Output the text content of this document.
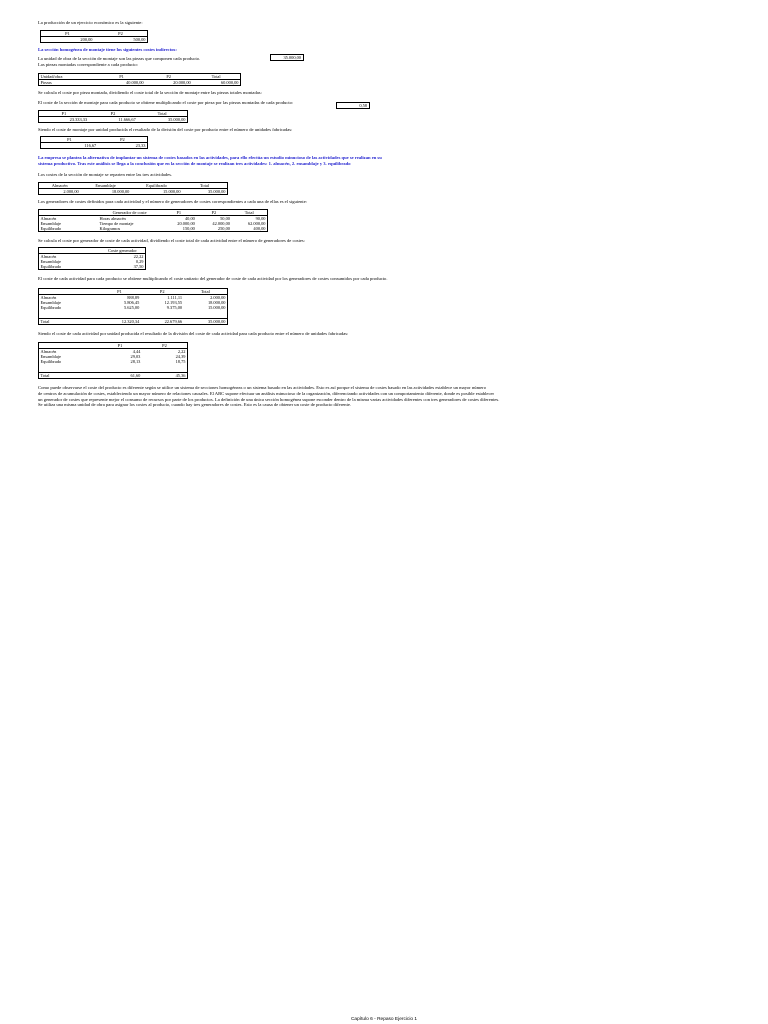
La producción de un ejercicio económico es la siguiente:
P1	P2
200,00	500,00
La sección homogénea de montaje tiene los siguientes costes indirectos:
35.000,00
La unidad de obra de la sección de montaje son las piezas que componen cada producto.
Las piezas montadas correspondiente a cada producto:
Unidad/obra	P1	P2	Total
Piezas	40.000,00	20.000,00	60.000,00
Se calcula el coste por pieza montada, dividiendo el coste total de la sección de montaje entre las piezas totales montadas:
0,58
El coste de la sección de montaje para cada producto se obtiene multiplicando el coste por pieza por las piezas montadas de cada producto:
P1	P2	Total
23.333,33	11.666,67	35.000,00
Siendo el coste de montaje por unidad producida el resultado de la división del coste por producto entre el número de unidades fabricadas:
P1	P2
116,67	23,33
La empresa se plantea la alternativa de implantar un sistema de costes basados en las actividades, para ello efectúa un estudio minucioso de las actividades que se realizan en su
sistema productivo. Tras este análisis se llega a la conclusión que en la sección de montaje se realizan tres actividades: 1. almacén, 2. ensamblaje y 3. equilibrado
Los costes de la sección de montaje se reparten entre las tres actividades.
Almacén	Ensamblaje	Equilibrado	Total
2.000,00	18.000,00	15.000,00	35.000,00
Los generadores de costes definidos para cada actividad y el número de generadores de costes correspondientes a cada una de ellas es el siguiente:
	Generador de coste	P1	P2	Total
Almacén	Horas almacén	40,00	50,00	90,00
Ensamblaje	Tiempo de montaje	20.000,00	42.000,00	62.000,00
Equilibrado	Kilogramos	150,00	250,00	400,00
Se calcula el coste por generador de coste de cada actividad, dividiendo el coste total de cada actividad entre el número de generadores de costes:
	Coste generador
Almacén	22,22
Ensamblaje	0,29
Equilibrado	37,50
El coste de cada actividad para cada producto se obtiene multiplicando el coste unitario del generador de coste de cada actividad por los generadores de costes consumidos por cada producto.
	P1	P2	Total
Almacén	888,89	1.111,11	2.000,00
Ensamblaje	5.806,45	12.193,55	18.000,00
Equilibrado	5.625,00	9.375,00	15.000,00

Total	12.320,34	22.679,66	35.000,00
Siendo el coste de cada actividad por unidad producida el resultado de la división del coste de cada actividad para cada producto entre el número de unidades fabricadas:
	P1	P2
Almacén	4,44	2,22
Ensamblaje	29,03	24,39
Equilibrado	28,13	18,75

Total	61,60	45,36
Como puede observarse el coste del producto es diferente según se utilice un sistema de secciones homogéneas o un sistema basado en las actividades. Esto es así porque el sistema de costes basado en las actividades establece un mayor número
de centros de acumulación de costes, estableciendo un mayor número de relaciones causales. El ABC supone efectuar un análisis minucioso de la organización, diferenciando actividades con un comportamiento diferente, donde es posible establecer
un generador de costes que represente mejor el consumo de recursos por parte de los productos. La definición de una única sección homogénea supone esconder dentro de la misma varias actividades diferentes con tres generadores de costes diferentes.
Se utiliza una misma unidad de obra para asignar los costes al producto, cuando hay tres generadores de costes. Esto es la causa de obtener un coste de producto diferente.
Capítulo 6 - Repaso Ejercicio 1
